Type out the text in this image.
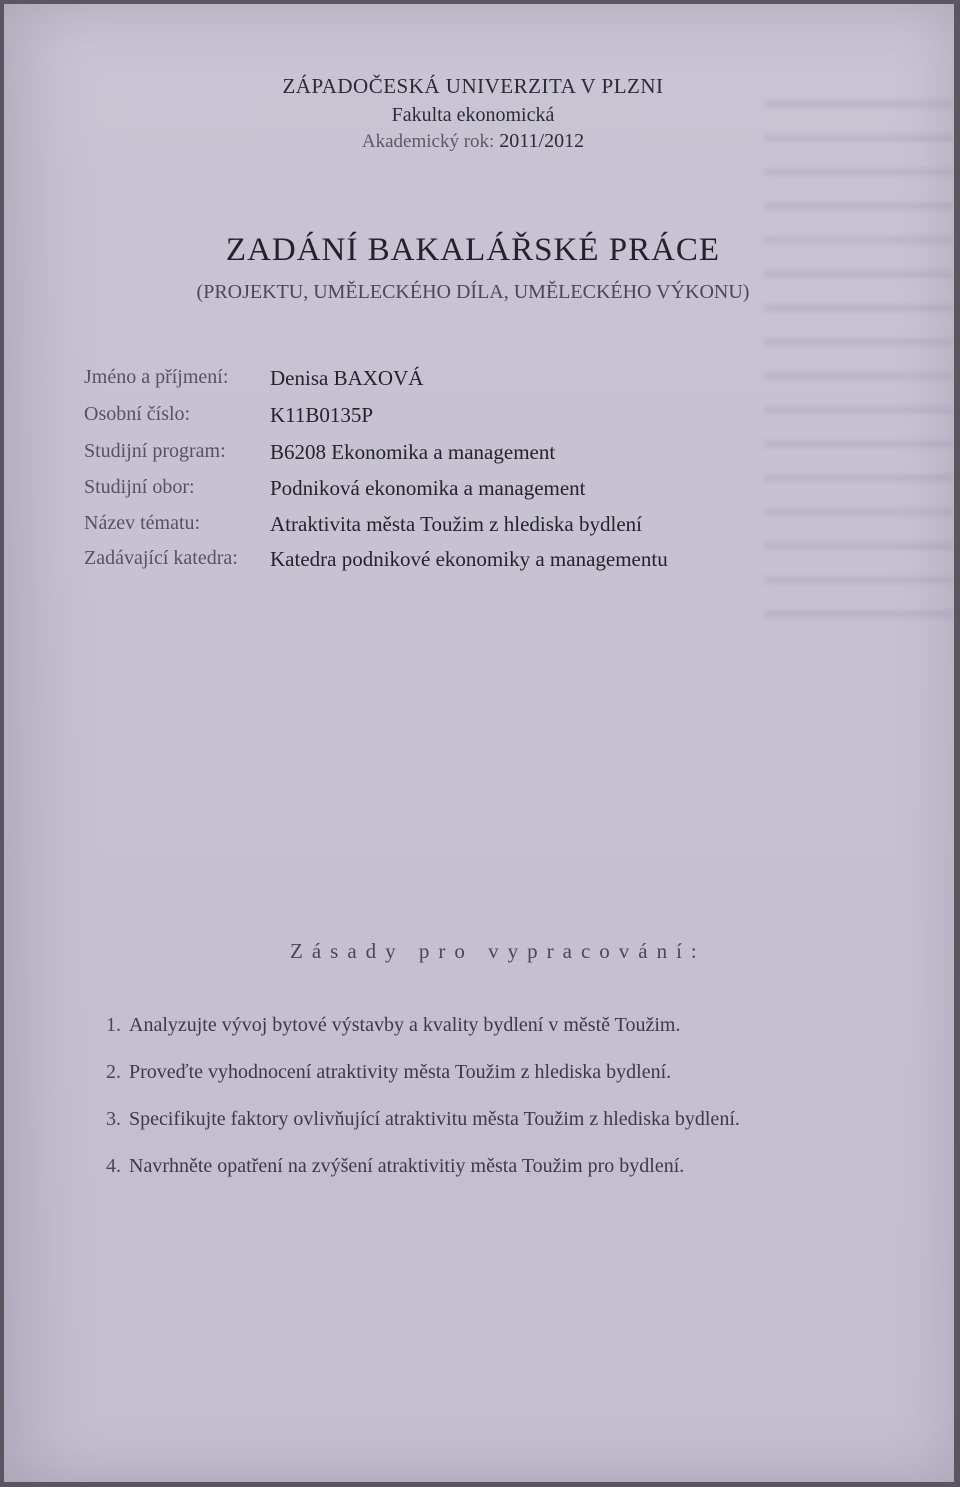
ZÁPADOČESKÁ UNIVERZITA V PLZNI
Fakulta ekonomická
Akademický rok: 2011/2012
ZADÁNÍ BAKALÁŘSKÉ PRÁCE
(PROJEKTU, UMĚLECKÉHO DÍLA, UMĚLECKÉHO VÝKONU)
Jméno a příjmení: Denisa BAXOVÁ
Osobní číslo:	K11B0135P
Studijní program: B6208 Ekonomika a management
Studijní obor:	Podniková ekonomika a management
Název tématu:	Atraktivita města Toužim z hlediska bydlení
Zadávající katedra: Katedra podnikové ekonomiky a managementu
Zásady pro vypracování:
1. Analyzujte vývoj bytové výstavby a kvality bydlení v městě Toužim.
2. Proveďte vyhodnocení atraktivity města Toužim z hlediska bydlení.
3. Specifikujte faktory ovlivňující atraktivitu města Toužim z hlediska bydlení.
4. Navrhněte opatření na zvýšení atraktivitiy města Toužim pro bydlení.
